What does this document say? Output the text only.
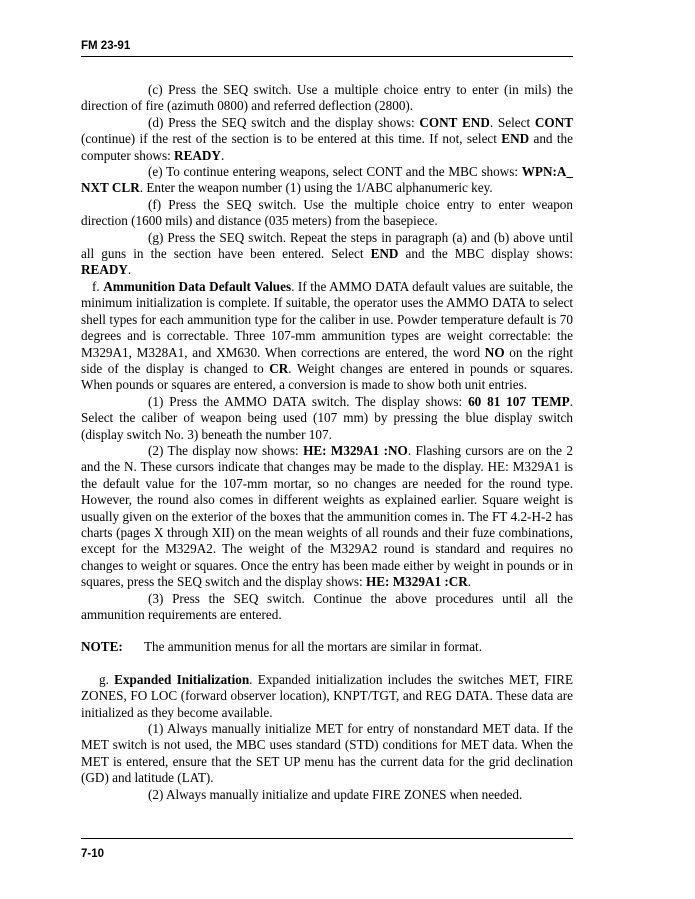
FM 23-91

(c) Press the SEQ switch. Use a multiple choice entry to enter (in mils) the direction of fire (azimuth 0800) and referred deflection (2800).

(d) Press the SEQ switch and the display shows: CONT END. Select CONT (continue) if the rest of the section is to be entered at this time. If not, select END and the computer shows: READY.

(e) To continue entering weapons, select CONT and the MBC shows: WPN:A_ NXT CLR. Enter the weapon number (1) using the 1/ABC alphanumeric key.

(f) Press the SEQ switch. Use the multiple choice entry to enter weapon direction (1600 mils) and distance (035 meters) from the basepiece.

(g) Press the SEQ switch. Repeat the steps in paragraph (a) and (b) above until all guns in the section have been entered. Select END and the MBC display shows: READY.

f. Ammunition Data Default Values. If the AMMO DATA default values are suitable, the minimum initialization is complete. If suitable, the operator uses the AMMO DATA to select shell types for each ammunition type for the caliber in use. Powder temperature default is 70 degrees and is correctable. Three 107-mm ammunition types are weight correctable: the M329A1, M328A1, and XM630. When corrections are entered, the word NO on the right side of the display is changed to CR. Weight changes are entered in pounds or squares. When pounds or squares are entered, a conversion is made to show both unit entries.

(1) Press the AMMO DATA switch. The display shows: 60 81 107 TEMP. Select the caliber of weapon being used (107 mm) by pressing the blue display switch (display switch No. 3) beneath the number 107.

(2) The display now shows: HE: M329A1 :NO. Flashing cursors are on the 2 and the N. These cursors indicate that changes may be made to the display. HE: M329A1 is the default value for the 107-mm mortar, so no changes are needed for the round type. However, the round also comes in different weights as explained earlier. Square weight is usually given on the exterior of the boxes that the ammunition comes in. The FT 4.2-H-2 has charts (pages X through XII) on the mean weights of all rounds and their fuze combinations, except for the M329A2. The weight of the M329A2 round is standard and requires no changes to weight or squares. Once the entry has been made either by weight in pounds or in squares, press the SEQ switch and the display shows: HE: M329A1 :CR.

(3) Press the SEQ switch. Continue the above procedures until all the ammunition requirements are entered.

NOTE: The ammunition menus for all the mortars are similar in format.

g. Expanded Initialization. Expanded initialization includes the switches MET, FIRE ZONES, FO LOC (forward observer location), KNPT/TGT, and REG DATA. These data are initialized as they become available.

(1) Always manually initialize MET for entry of nonstandard MET data. If the MET switch is not used, the MBC uses standard (STD) conditions for MET data. When the MET is entered, ensure that the SET UP menu has the current data for the grid declination (GD) and latitude (LAT).

(2) Always manually initialize and update FIRE ZONES when needed.

7-10
